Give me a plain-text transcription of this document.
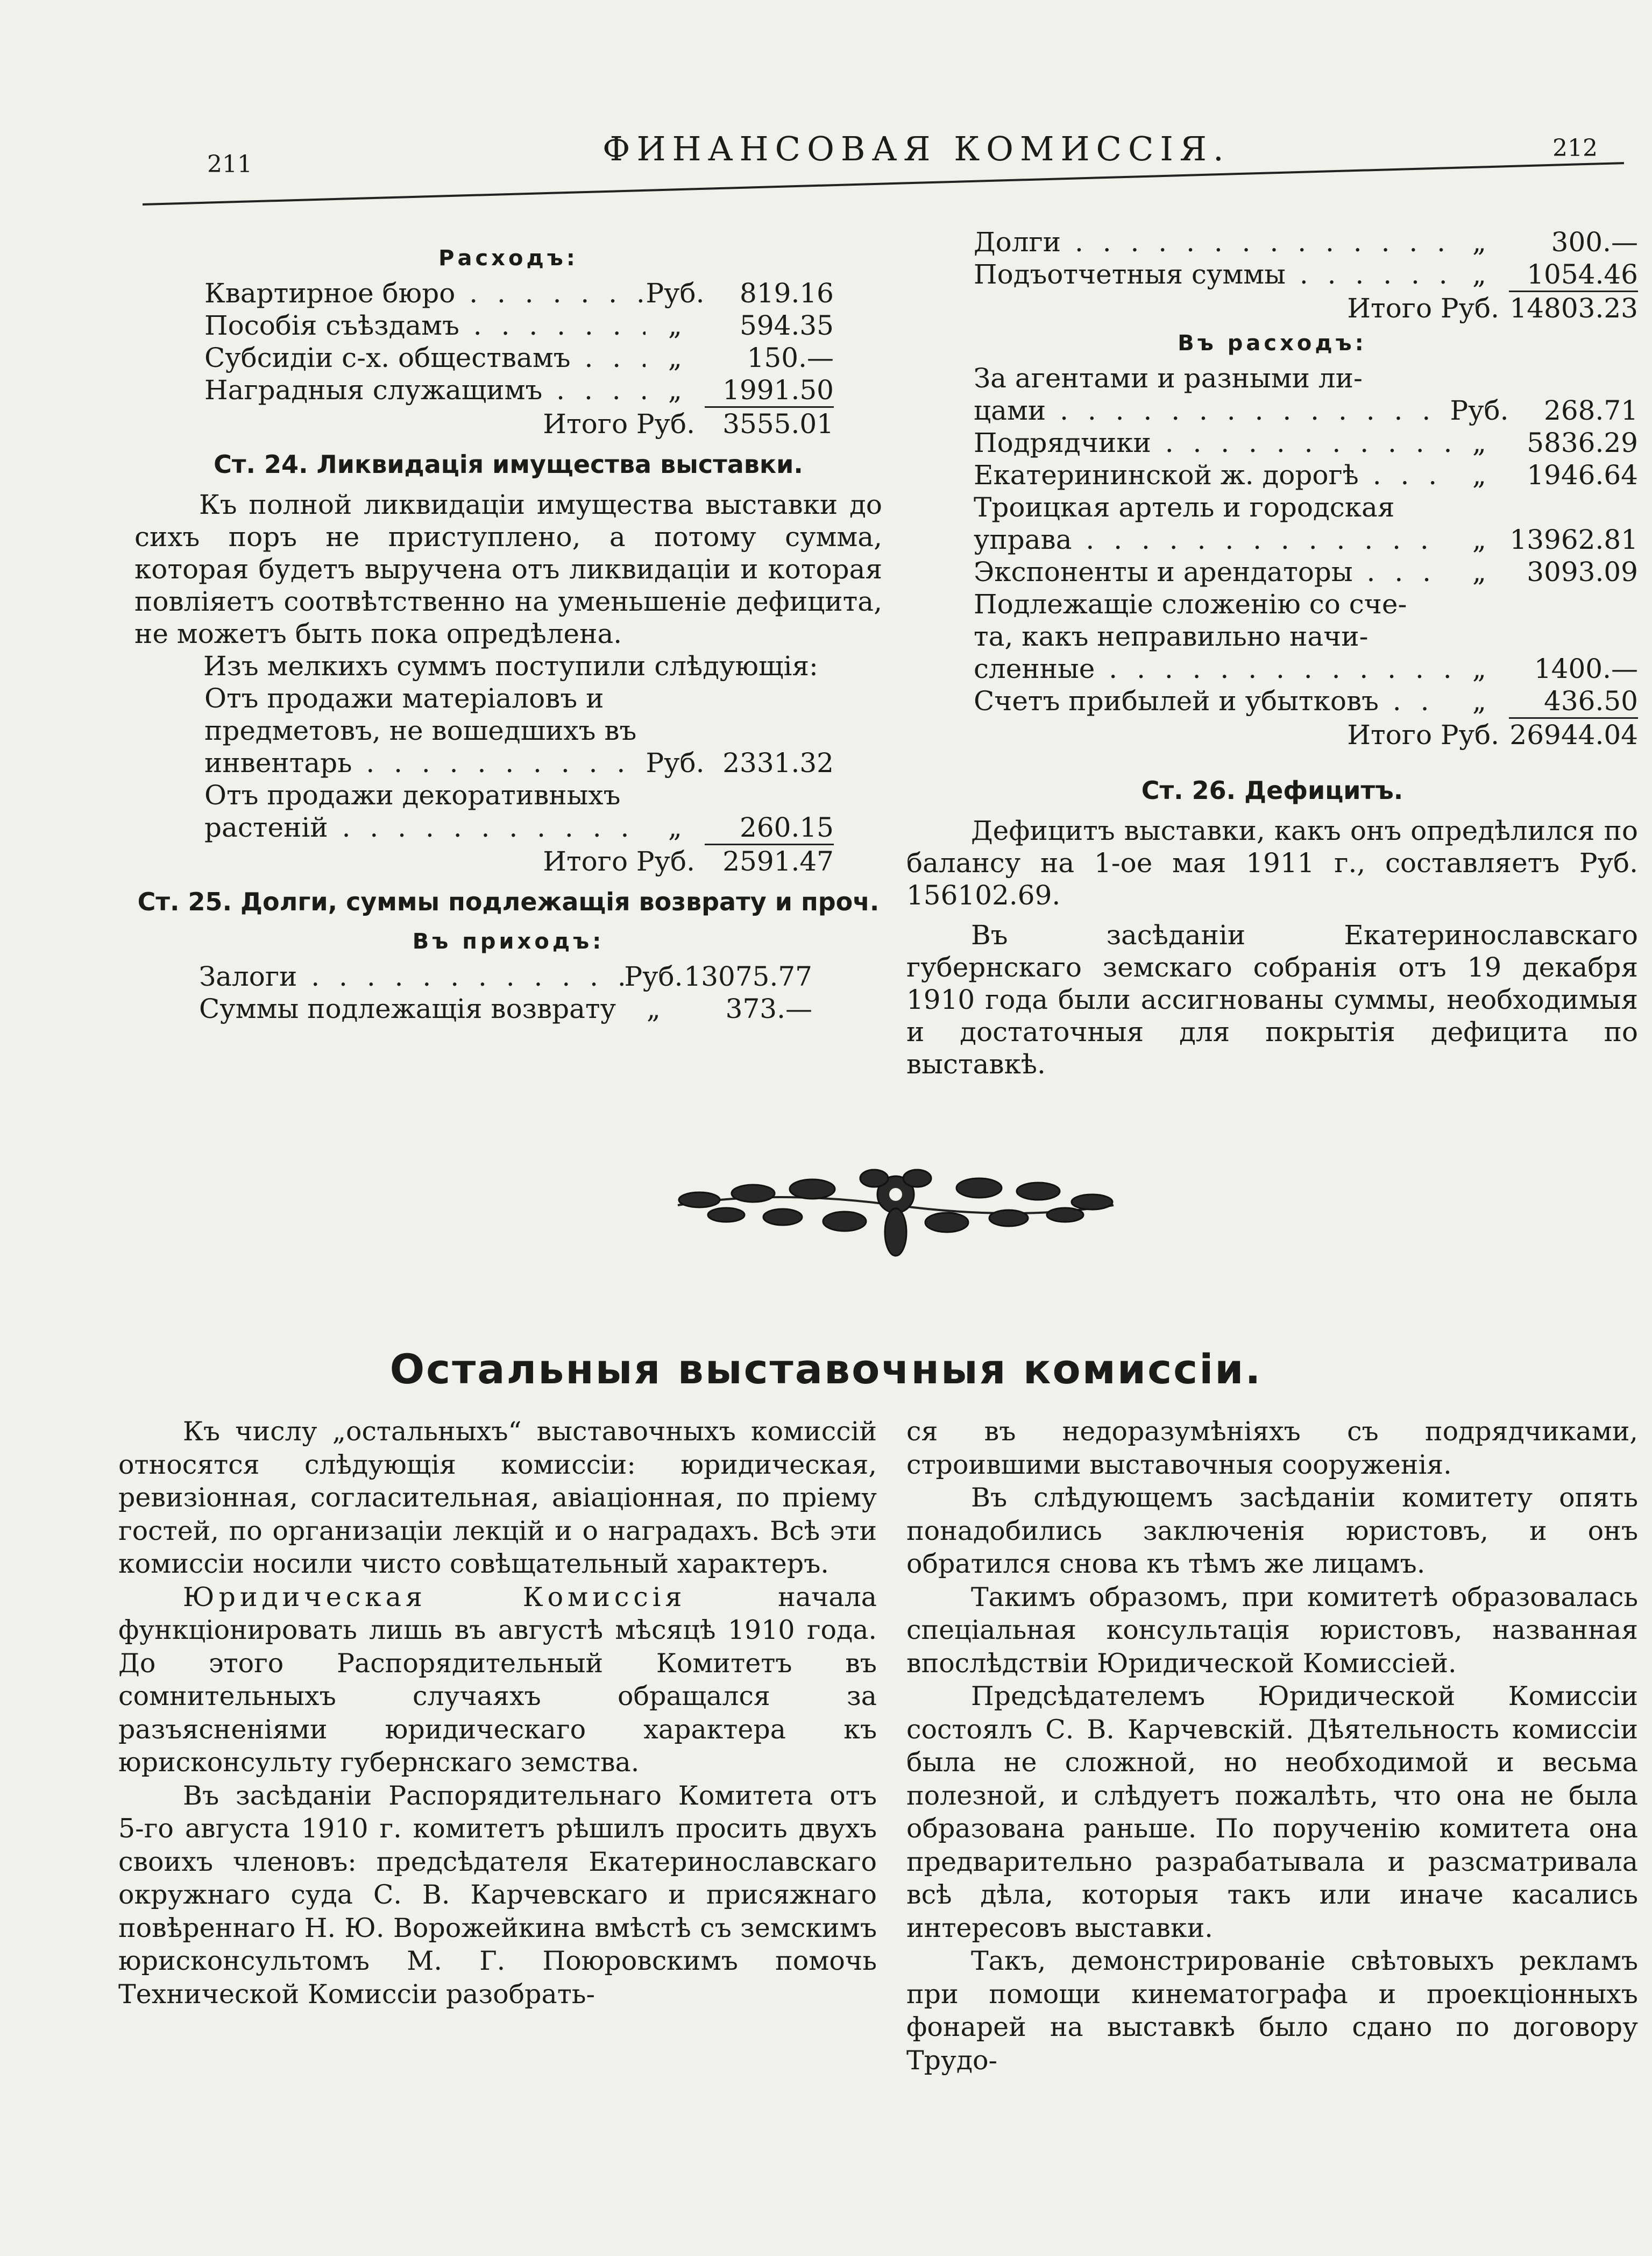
211	ФИНАНСОВАЯ КОМИССІЯ.	212
Расходъ:
Квартирное бюро . . .	Руб.	819.16
Пособія съѣздамъ . . .	„	594.35
Субсидіи с-х. обществамъ . . .	„	150.—
Наградныя служащимъ . . .	„	1991.50
Итого Руб.	3555.01
Ст. 24. Ликвидація имущества выставки.

Къ полной ликвидаціи имущества выставки до сихъ поръ не приступлено, а потому сумма, которая будетъ выручена отъ ликвидаціи и которая повліяетъ соотвѣтственно на уменьшеніе дефицита, не можетъ быть пока опредѣлена.

Изъ мелкихъ суммъ поступили слѣдующія:
Отъ продажи матеріаловъ и
предметовъ, не вошедшихъ въ
инвентарь . . .	Руб. 2331.32
Отъ продажи декоративныхъ
растеній . . .	„	260.15
Итого Руб.	2591.47
Ст. 25. Долги, суммы подлежащія возврату и проч.
Въ приходъ:
Залоги . . .	Руб. 13075.77
Суммы подлежащія возврату . . .	„	373.—
Долги . . .	„	300.—
Подъотчетныя суммы . . .	„	1054.46
Итого Руб. 14803.23
Въ расходъ:
За агентами и разными ли-
цами . . .	Руб.	268.71
Подрядчики . . .	„	5836.29
Екатерининской ж. дорогѣ . . .	„	1946.64
Троицкая артель и городская
управа . . .	„ 13962.81
Экспоненты и арендаторы . . .	„	3093.09
Подлежащіе сложенію со сче-
та, какъ неправильно начи-
сленные . . .	„	1400.—
Счетъ прибылей и убытковъ . . .	„	436.50
Итого Руб. 26944.04
Ст. 26. Дефицитъ.

Дефицитъ выставки, какъ онъ опредѣлился по балансу на 1-ое мая 1911 г., составляетъ Руб. 156102.69.

Въ засѣданіи Екатеринославскаго губернскаго земскаго собранія отъ 19 декабря 1910 года были ассигнованы суммы, необходимыя и достаточныя для покрытія дефицита по выставкѣ.

Остальныя выставочныя комиссіи.

Къ числу „остальныхъ“ выставочныхъ комиссій относятся слѣдующія комиссіи: юридическая, ревизіонная, согласительная, авіаціонная, по пріему гостей, по организаціи лекцій и о наградахъ. Всѣ эти комиссіи носили чисто совѣщательный характеръ.

Юридическая Комиссія начала функціонировать лишь въ августѣ мѣсяцѣ 1910 года. До этого Распорядительный Комитетъ въ сомнительныхъ случаяхъ обращался за разъясненіями юридическаго характера къ юрисконсульту губернскаго земства.

Въ засѣданіи Распорядительнаго Комитета отъ 5-го августа 1910 г. комитетъ рѣшилъ просить двухъ своихъ членовъ: предсѣдателя Екатеринославскаго окружнаго суда С. В. Карчевскаго и присяжнаго повѣреннаго Н. Ю. Ворожейкина вмѣстѣ съ земскимъ юрисконсультомъ М. Г. Поюровскимъ помочь Технической Комиссіи разобрать-

ся въ недоразумѣніяхъ съ подрядчиками, строившими выставочныя сооруженія.

Въ слѣдующемъ засѣданіи комитету опять понадобились заключенія юристовъ, и онъ обратился снова къ тѣмъ же лицамъ.

Такимъ образомъ, при комитетѣ образовалась спеціальная консультація юристовъ, названная впослѣдствіи Юридической Комиссіей.

Предсѣдателемъ Юридической Комиссіи состоялъ С. В. Карчевскій. Дѣятельность комиссіи была не сложной, но необходимой и весьма полезной, и слѣдуетъ пожалѣть, что она не была образована раньше. По порученію комитета она предварительно разрабатывала и разсматривала всѣ дѣла, которыя такъ или иначе касались интересовъ выставки.

Такъ, демонстрированіе свѣтовыхъ рекламъ при помощи кинематографа и проекціонныхъ фонарей на выставкѣ было сдано по договору Трудо-
